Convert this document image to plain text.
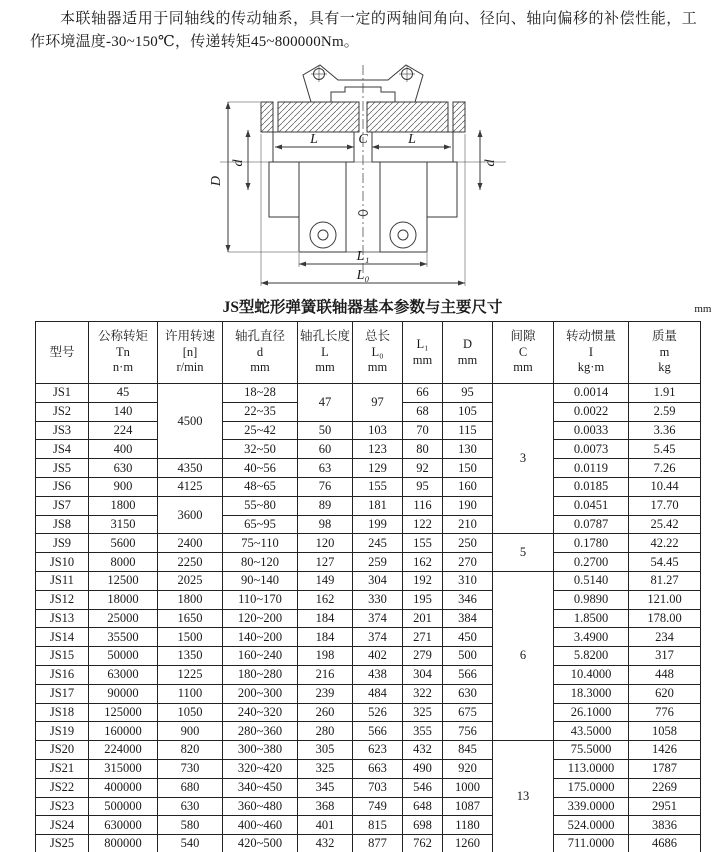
本联轴器适用于同轴线的传动轴系，具有一定的两轴间角向、径向、轴向偏移的补偿性能，工作环境温度-30~150℃，传递转矩45~800000Nm。

D
d	d
L	C	L
L₁
L₀
JS型蛇形弹簧联轴器基本参数与主要尺寸	mm
型号

公称转矩
Tn
n·m

许用转速
[n]
r/min

轴孔直径
d
mm

轴孔长度
L
mm

总长
L₀
mm

L₁
mm

D
mm

间隙
C
mm

转动惯量
I
kg·m

质量
m
kg

JS1	45	4500	18~28	47	97	66	95	3	0.0014	1.91
JS2	140		22~35			68	105		0.0022	2.59
JS3	224		25~42	50	103	70	115		0.0033	3.36
JS4	400		32~50	60	123	80	130		0.0073	5.45
JS5	630	4350	40~56	63	129	92	150		0.0119	7.26
JS6	900	4125	48~65	76	155	95	160		0.0185	10.44
JS7	1800	3600	55~80	89	181	116	190		0.0451	17.70
JS8	3150		65~95	98	199	122	210		0.0787	25.42
JS9	5600	2400	75~110	120	245	155	250	5	0.1780	42.22
JS10	8000	2250	80~120	127	259	162	270		0.2700	54.45
JS11	12500	2025	90~140	149	304	192	310	6	0.5140	81.27
JS12	18000	1800	110~170	162	330	195	346		0.9890	121.00
JS13	25000	1650	120~200	184	374	201	384		1.8500	178.00
JS14	35500	1500	140~200	184	374	271	450		3.4900	234
JS15	50000	1350	160~240	198	402	279	500		5.8200	317
JS16	63000	1225	180~280	216	438	304	566		10.4000	448
JS17	90000	1100	200~300	239	484	322	630		18.3000	620
JS18	125000	1050	240~320	260	526	325	675		26.1000	776
JS19	160000	900	280~360	280	566	355	756		43.5000	1058
JS20	224000	820	300~380	305	623	432	845	13	75.5000	1426
JS21	315000	730	320~420	325	663	490	920		113.0000	1787
JS22	400000	680	340~450	345	703	546	1000		175.0000	2269
JS23	500000	630	360~480	368	749	648	1087		339.0000	2951
JS24	630000	580	400~460	401	815	698	1180		524.0000	3836
JS25	800000	540	420~500	432	877	762	1260		711.0000	4686
